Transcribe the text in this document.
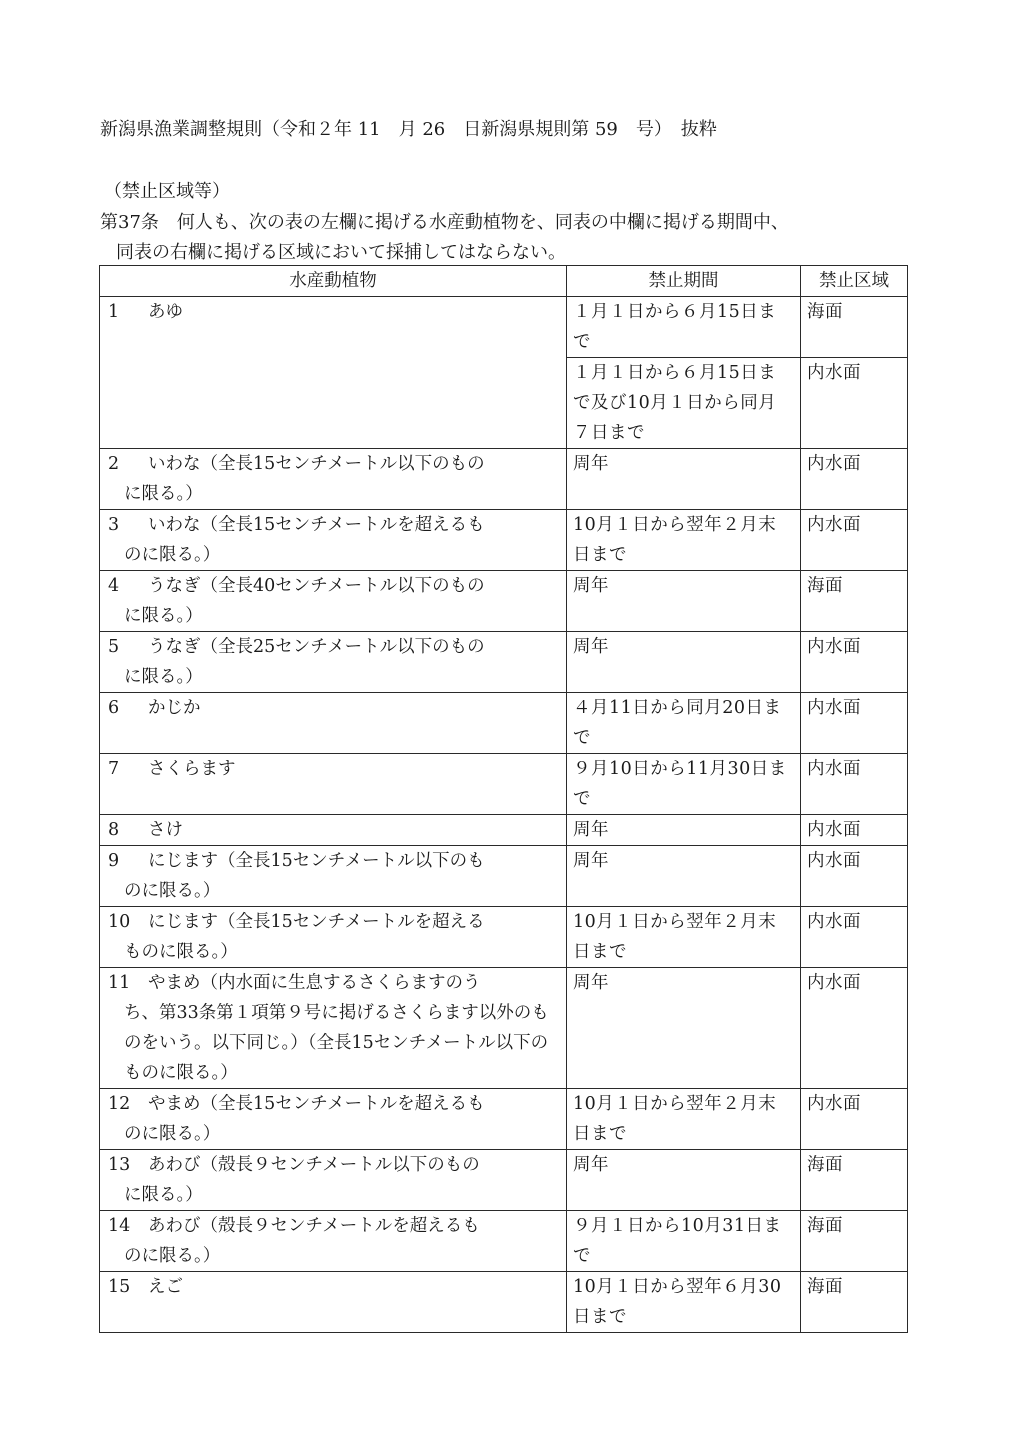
新潟県漁業調整規則（令和２年 11　月 26　日新潟県規則第 59　号）　抜粋
（禁止区域等）
第37条　何人も、次の表の左欄に掲げる水産動植物を、同表の中欄に掲げる期間中、
同表の右欄に掲げる区域において採捕してはならない。
水産動植物	禁止期間	禁止区域

1 あゆ	１月１日から６月15日まで	海面
	１月１日から６月15日まで及び10月１日から同月７日まで	内水面

2 いわな（全長15センチメートル以下のもの
に限る。）	周年	内水面

3 いわな（全長15センチメートルを超えるも
のに限る。）	10月１日から翌年２月末日まで	内水面

4 うなぎ（全長40センチメートル以下のもの
に限る。）	周年	海面

5 うなぎ（全長25センチメートル以下のもの
に限る。）	周年	内水面

6 かじか	４月11日から同月20日まで	内水面

7 さくらます	９月10日から11月30日まで	内水面

8 さけ	周年	内水面

9 にじます（全長15センチメートル以下のも
のに限る。）	周年	内水面

10 にじます（全長15センチメートルを超える
ものに限る。）	10月１日から翌年２月末日まで	内水面

11 やまめ（内水面に生息するさくらますのう
ち、第33条第１項第９号に掲げるさくらます以外のものをいう。以下同じ。）（全長15センチメートル以下のものに限る。）	周年	内水面

12 やまめ（全長15センチメートルを超えるも
のに限る。）	10月１日から翌年２月末日まで	内水面

13 あわび（殻長９センチメートル以下のもの
に限る。）	周年	海面

14 あわび（殻長９センチメートルを超えるも
のに限る。）	９月１日から10月31日まで	海面

15 えご	10月１日から翌年６月30日まで	海面
